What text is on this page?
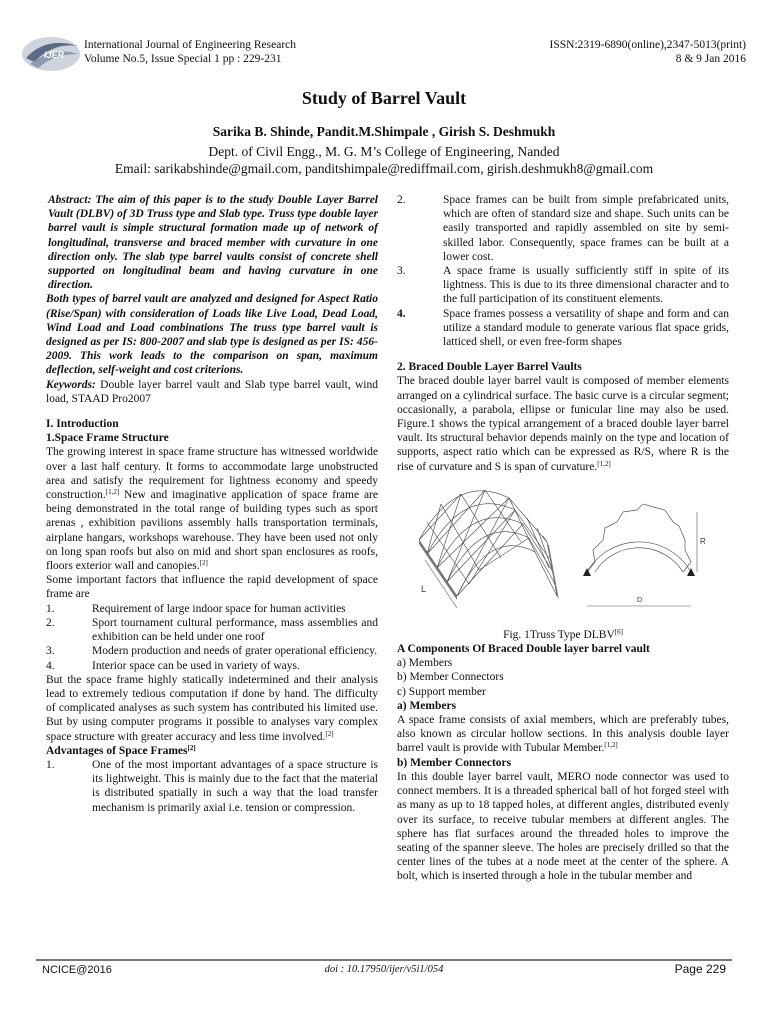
IJER
International Journal of Engineering Research
Volume No.5, Issue Special 1 pp : 229-231
ISSN:2319-6890(online),2347-5013(print)
8 & 9 Jan 2016
Study of Barrel Vault
Sarika B. Shinde, Pandit.M.Shimpale , Girish S. Deshmukh
Dept. of Civil Engg., M. G. M’s College of Engineering, Nanded
Email: sarikabshinde@gmail.com, panditshimpale@rediffmail.com, girish.deshmukh8@gmail.com
Abstract: The aim of this paper is to the study Double Layer Barrel Vault (DLBV) of 3D Truss type and Slab type. Truss type double layer barrel vault is simple structural formation made up of network of longitudinal, transverse and braced member with curvature in one direction only. The slab type barrel vaults consist of concrete shell supported on longitudinal beam and having curvature in one direction.
Both types of barrel vault are analyzed and designed for Aspect Ratio (Rise/Span) with consideration of Loads like Live Load, Dead Load, Wind Load and Load combinations The truss type barrel vault is designed as per IS: 800-2007 and slab type is designed as per IS: 456-2009. This work leads to the comparison on span, maximum deflection, self-weight and cost criterions.
Keywords: Double layer barrel vault and Slab type barrel vault, wind load, STAAD Pro2007
I. Introduction
1.Space Frame Structure
The growing interest in space frame structure has witnessed worldwide over a last half century. It forms to accommodate large unobstructed area and satisfy the requirement for lightness economy and speedy construction.[1,2] New and imaginative application of space frame are being demonstrated in the total range of building types such as sport arenas , exhibition pavilions assembly halls transportation terminals, airplane hangars, workshops warehouse. They have been used not only on long span roofs but also on mid and short span enclosures as roofs, floors exterior wall and canopies.[2]
Some important factors that influence the rapid development of space frame are
1.	Requirement of large indoor space for human activities
2.	Sport tournament cultural performance, mass assemblies and exhibition can be held under one roof
3.	Modern production and needs of grater operational efficiency.
4.	Interior space can be used in variety of ways.
But the space frame highly statically indetermined and their analysis lead to extremely tedious computation if done by hand. The difficulty of complicated analyses as such system has contributed his limited use. But by using computer programs it possible to analyses vary complex space structure with greater accuracy and less time involved.[2]
Advantages of Space Frames[2]
1.	One of the most important advantages of a space structure is its lightweight. This is mainly due to the fact that the material is distributed spatially in such a way that the load transfer mechanism is primarily axial i.e. tension or compression.
2.	Space frames can be built from simple prefabricated units, which are often of standard size and shape. Such units can be easily transported and rapidly assembled on site by semi-skilled labor. Consequently, space frames can be built at a lower cost.
3.	A space frame is usually sufficiently stiff in spite of its lightness. This is due to its three dimensional character and to the full participation of its constituent elements.
4.	Space frames possess a versatility of shape and form and can utilize a standard module to generate various flat space grids, latticed shell, or even free-form shapes
2. Braced Double Layer Barrel Vaults
The braced double layer barrel vault is composed of member elements arranged on a cylindrical surface. The basic curve is a circular segment; occasionally, a parabola, ellipse or funicular line may also be used. Figure.1 shows the typical arrangement of a braced double layer barrel vault. Its structural behavior depends mainly on the type and location of supports, aspect ratio which can be expressed as R/S, where R is the rise of curvature and S is span of curvature.[1,2]
L
R
D
Fig. 1Truss Type DLBV[6]
A Components Of Braced Double layer barrel vault
a) Members
b) Member Connectors
c) Support member
a) Members
A space frame consists of axial members, which are preferably tubes, also known as circular hollow sections. In this analysis double layer barrel vault is provide with Tubular Member.[1,2]
b) Member Connectors
In this double layer barrel vault, MERO node connector was used to connect members. It is a threaded spherical ball of hot forged steel with as many as up to 18 tapped holes, at different angles, distributed evenly over its surface, to receive tubular members at different angles. The sphere has flat surfaces around the threaded holes to improve the seating of the spanner sleeve. The holes are precisely drilled so that the center lines of the tubes at a node meet at the center of the sphere. A bolt, which is inserted through a hole in the tubular member and
NCICE@2016	doi : 10.17950/ijer/v5i1/054	Page 229
